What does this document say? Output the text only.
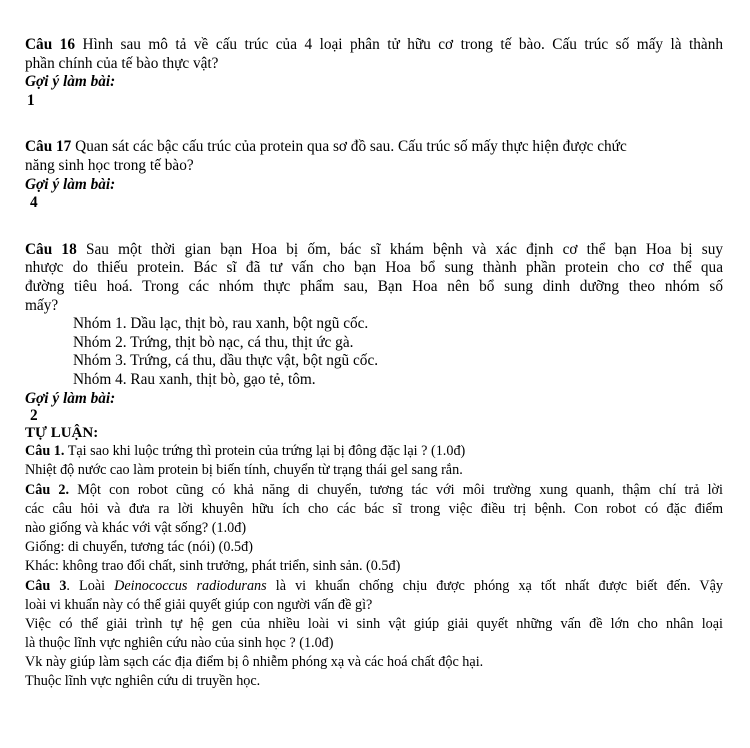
Câu 16 Hình sau mô tả về cấu trúc của 4 loại phân tử hữu cơ trong tế bào. Cấu trúc số mấy là thành

phần chính của tế bào thực vật?

Gợi ý làm bài:

1

Câu 17 Quan sát các bậc cấu trúc của protein qua sơ đồ sau. Cấu trúc số mấy thực hiện được chức

năng sinh học trong tế bào?

Gợi ý làm bài:

4

Câu 18 Sau một thời gian bạn Hoa bị ốm, bác sĩ khám bệnh và xác định cơ thể bạn Hoa bị suy

nhược do thiếu protein. Bác sĩ đã tư vấn cho bạn Hoa bổ sung thành phần protein cho cơ thể qua

đường tiêu hoá. Trong các nhóm thực phẩm sau, Bạn Hoa nên bổ sung dinh dưỡng theo nhóm số

mấy?

Nhóm 1. Dầu lạc, thịt bò, rau xanh, bột ngũ cốc.

Nhóm 2. Trứng, thịt bò nạc, cá thu, thịt ức gà.

Nhóm 3. Trứng, cá thu, dầu thực vật, bột ngũ cốc.

Nhóm 4. Rau xanh, thịt bò, gạo tẻ, tôm.

Gợi ý làm bài:

2

TỰ LUẬN:

Câu 1. Tại sao khi luộc trứng thì protein của trứng lại bị đông đặc lại ? (1.0đ)

Nhiệt độ nước cao làm protein bị biến tính, chuyển từ trạng thái gel sang rắn.

Câu 2. Một con robot cũng có khả năng di chuyển, tương tác với môi trường xung quanh, thậm chí trả lời

các câu hỏi và đưa ra lời khuyên hữu ích cho các bác sĩ trong việc điều trị bệnh. Con robot có đặc điểm

nào giống và khác với vật sống? (1.0đ)

Giống: di chuyển, tương tác (nói) (0.5đ)

Khác: không trao đổi chất, sinh trưởng, phát triển, sinh sản. (0.5đ)

Câu 3. Loài Deinococcus radiodurans là vi khuẩn chống chịu được phóng xạ tốt nhất được biết đến. Vậy

loài vi khuẩn này có thể giải quyết giúp con người vấn đề gì?

Việc có thể giải trình tự hệ gen của nhiều loài vi sinh vật giúp giải quyết những vấn đề lớn cho nhân loại

là thuộc lĩnh vực nghiên cứu nào của sinh học ? (1.0đ)

Vk này giúp làm sạch các địa điểm bị ô nhiễm phóng xạ và các hoá chất độc hại.

Thuộc lĩnh vực nghiên cứu di truyền học.
